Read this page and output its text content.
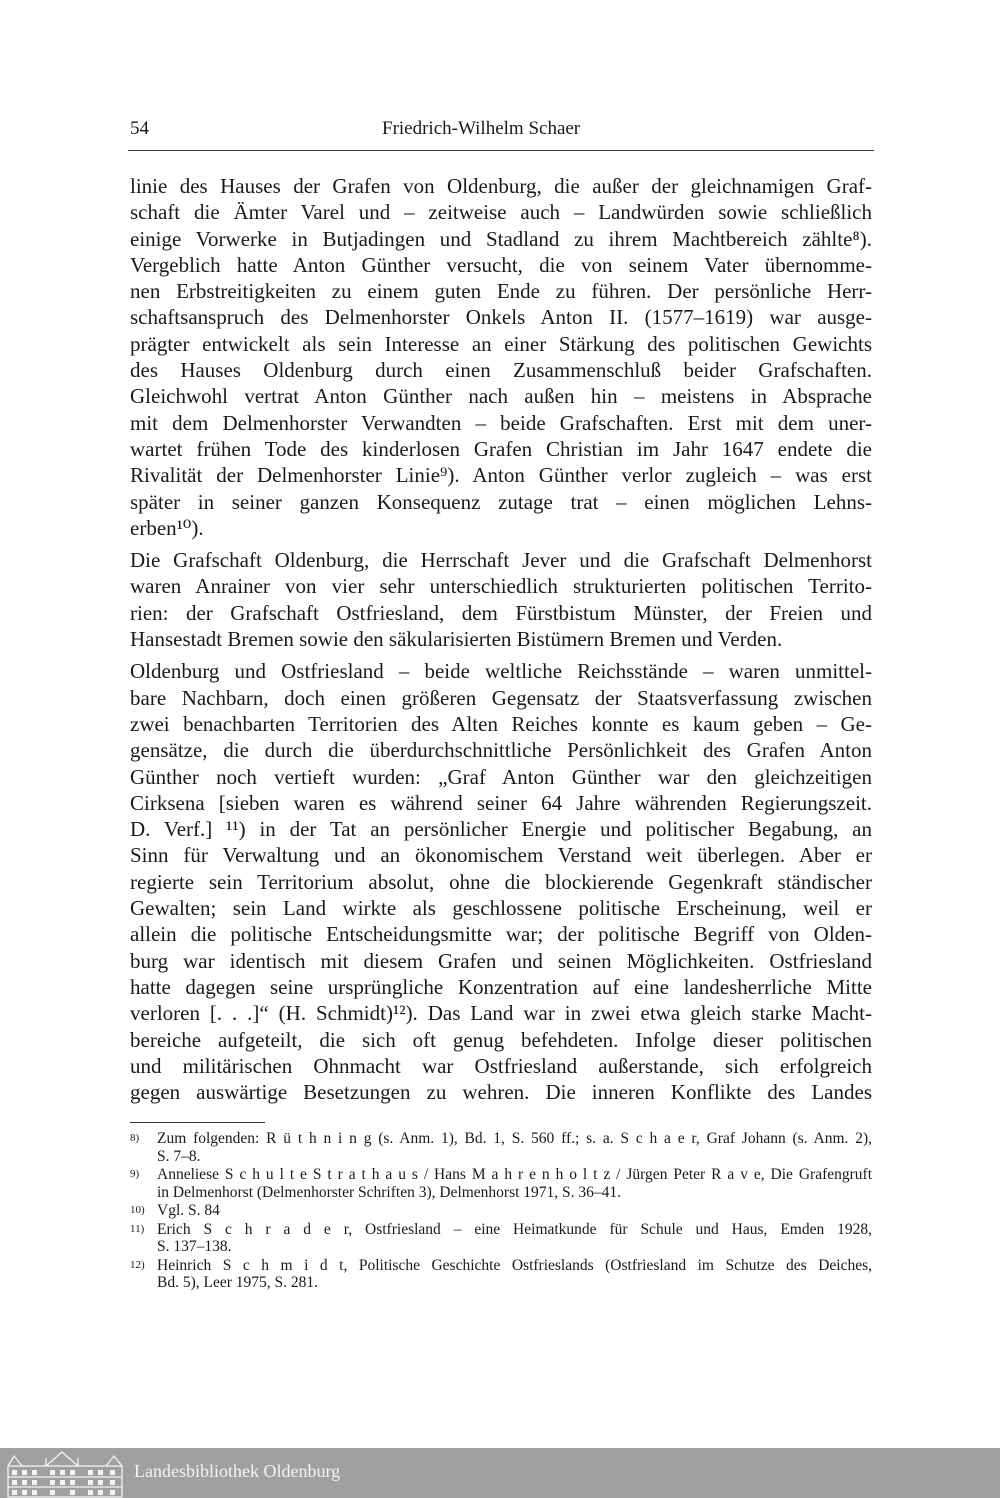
54	Friedrich-Wilhelm Schaer
linie des Hauses der Grafen von Oldenburg, die außer der gleichnamigen Graf-
schaft die Ämter Varel und – zeitweise auch – Landwürden sowie schließlich
einige Vorwerke in Butjadingen und Stadland zu ihrem Machtbereich zählte⁸).
Vergeblich hatte Anton Günther versucht, die von seinem Vater übernomme-
nen Erbstreitigkeiten zu einem guten Ende zu führen. Der persönliche Herr-
schaftsanspruch des Delmenhorster Onkels Anton II. (1577–1619) war ausge-
prägter entwickelt als sein Interesse an einer Stärkung des politischen Gewichts
des Hauses Oldenburg durch einen Zusammenschluß beider Grafschaften.
Gleichwohl vertrat Anton Günther nach außen hin – meistens in Absprache
mit dem Delmenhorster Verwandten – beide Grafschaften. Erst mit dem uner-
wartet frühen Tode des kinderlosen Grafen Christian im Jahr 1647 endete die
Rivalität der Delmenhorster Linie⁹). Anton Günther verlor zugleich – was erst
später in seiner ganzen Konsequenz zutage trat – einen möglichen Lehns-
erben¹⁰).
Die Grafschaft Oldenburg, die Herrschaft Jever und die Grafschaft Delmenhorst
waren Anrainer von vier sehr unterschiedlich strukturierten politischen Territo-
rien: der Grafschaft Ostfriesland, dem Fürstbistum Münster, der Freien und
Hansestadt Bremen sowie den säkularisierten Bistümern Bremen und Verden.
Oldenburg und Ostfriesland – beide weltliche Reichsstände – waren unmittel-
bare Nachbarn, doch einen größeren Gegensatz der Staatsverfassung zwischen
zwei benachbarten Territorien des Alten Reiches konnte es kaum geben – Ge-
gensätze, die durch die überdurchschnittliche Persönlichkeit des Grafen Anton
Günther noch vertieft wurden: „Graf Anton Günther war den gleichzeitigen
Cirksena [sieben waren es während seiner 64 Jahre währenden Regierungszeit.
D. Verf.] ¹¹) in der Tat an persönlicher Energie und politischer Begabung, an
Sinn für Verwaltung und an ökonomischem Verstand weit überlegen. Aber er
regierte sein Territorium absolut, ohne die blockierende Gegenkraft ständischer
Gewalten; sein Land wirkte als geschlossene politische Erscheinung, weil er
allein die politische Entscheidungsmitte war; der politische Begriff von Olden-
burg war identisch mit diesem Grafen und seinen Möglichkeiten. Ostfriesland
hatte dagegen seine ursprüngliche Konzentration auf eine landesherrliche Mitte
verloren [. . .]“ (H. Schmidt)¹²). Das Land war in zwei etwa gleich starke Macht-
bereiche aufgeteilt, die sich oft genug befehdeten. Infolge dieser politischen
und militärischen Ohnmacht war Ostfriesland außerstande, sich erfolgreich
gegen auswärtige Besetzungen zu wehren. Die inneren Konflikte des Landes
8) Zum folgenden: R ü t h n i n g (s. Anm. 1), Bd. 1, S. 560 ff.; s. a. S c h a e r, Graf Johann (s. Anm. 2),
S. 7–8.
9) Anneliese S c h u l t e S t r a t h a u s / Hans M a h r e n h o l t z / Jürgen Peter R a v e, Die Grafengruft
in Delmenhorst (Delmenhorster Schriften 3), Delmenhorst 1971, S. 36–41.
10) Vgl. S. 84
11) Erich S c h r a d e r, Ostfriesland – eine Heimatkunde für Schule und Haus, Emden 1928,
S. 137–138.
12) Heinrich S c h m i d t, Politische Geschichte Ostfrieslands (Ostfriesland im Schutze des Deiches,
Bd. 5), Leer 1975, S. 281.
Landesbibliothek Oldenburg
